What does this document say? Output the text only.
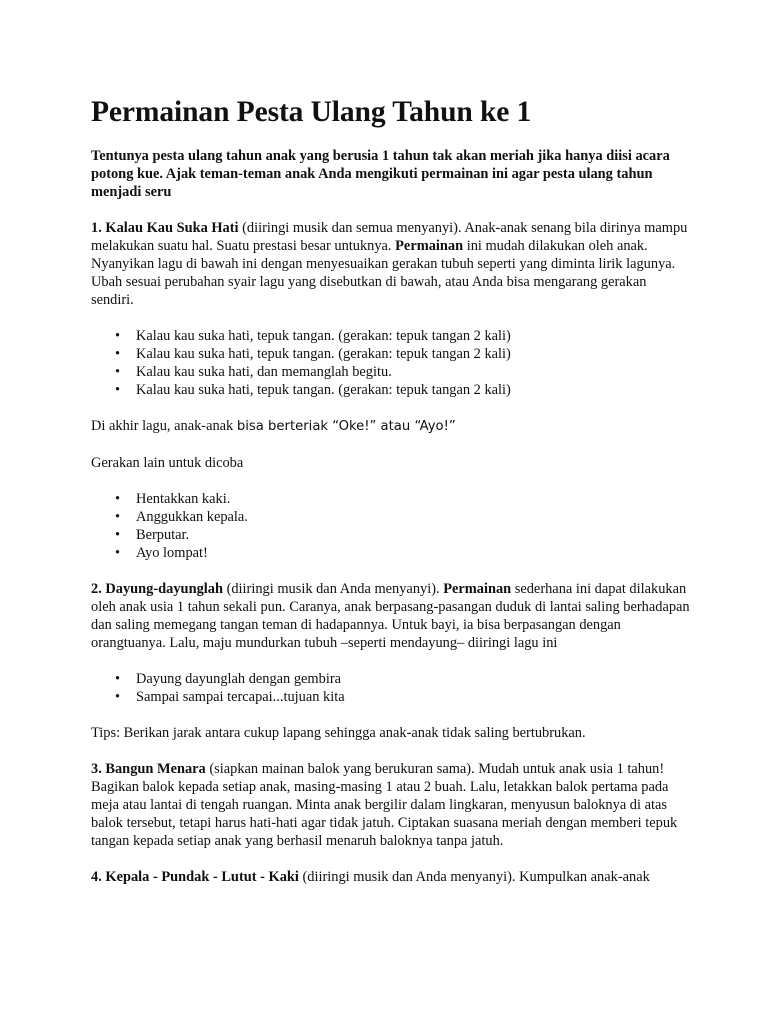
Permainan Pesta Ulang Tahun ke 1

Tentunya pesta ulang tahun anak yang berusia 1 tahun tak akan meriah jika hanya diisi acara potong kue. Ajak teman-teman anak Anda mengikuti permainan ini agar pesta ulang tahun menjadi seru

1. Kalau Kau Suka Hati (diiringi musik dan semua menyanyi). Anak-anak senang bila dirinya mampu melakukan suatu hal. Suatu prestasi besar untuknya. Permainan ini mudah dilakukan oleh anak. Nyanyikan lagu di bawah ini dengan menyesuaikan gerakan tubuh seperti yang diminta lirik lagunya. Ubah sesuai perubahan syair lagu yang disebutkan di bawah, atau Anda bisa mengarang gerakan sendiri.

• Kalau kau suka hati, tepuk tangan. (gerakan: tepuk tangan 2 kali)
• Kalau kau suka hati, tepuk tangan. (gerakan: tepuk tangan 2 kali)
• Kalau kau suka hati, dan memanglah begitu.
• Kalau kau suka hati, tepuk tangan. (gerakan: tepuk tangan 2 kali)

Di akhir lagu, anak-anak bisa berteriak “Oke!” atau “Ayo!”

Gerakan lain untuk dicoba

• Hentakkan kaki.
• Anggukkan kepala.
• Berputar.
• Ayo lompat!

2. Dayung-dayunglah (diiringi musik dan Anda menyanyi). Permainan sederhana ini dapat dilakukan oleh anak usia 1 tahun sekali pun. Caranya, anak berpasang-pasangan duduk di lantai saling berhadapan dan saling memegang tangan teman di hadapannya. Untuk bayi, ia bisa berpasangan dengan orangtuanya. Lalu, maju mundurkan tubuh –seperti mendayung– diiringi lagu ini

• Dayung dayunglah dengan gembira
• Sampai sampai tercapai...tujuan kita

Tips: Berikan jarak antara cukup lapang sehingga anak-anak tidak saling bertubrukan.

3. Bangun Menara (siapkan mainan balok yang berukuran sama). Mudah untuk anak usia 1 tahun! Bagikan balok kepada setiap anak, masing-masing 1 atau 2 buah. Lalu, letakkan balok pertama pada meja atau lantai di tengah ruangan. Minta anak bergilir dalam lingkaran, menyusun baloknya di atas balok tersebut, tetapi harus hati-hati agar tidak jatuh. Ciptakan suasana meriah dengan memberi tepuk tangan kepada setiap anak yang berhasil menaruh baloknya tanpa jatuh.

4. Kepala - Pundak - Lutut - Kaki (diiringi musik dan Anda menyanyi). Kumpulkan anak-anak
